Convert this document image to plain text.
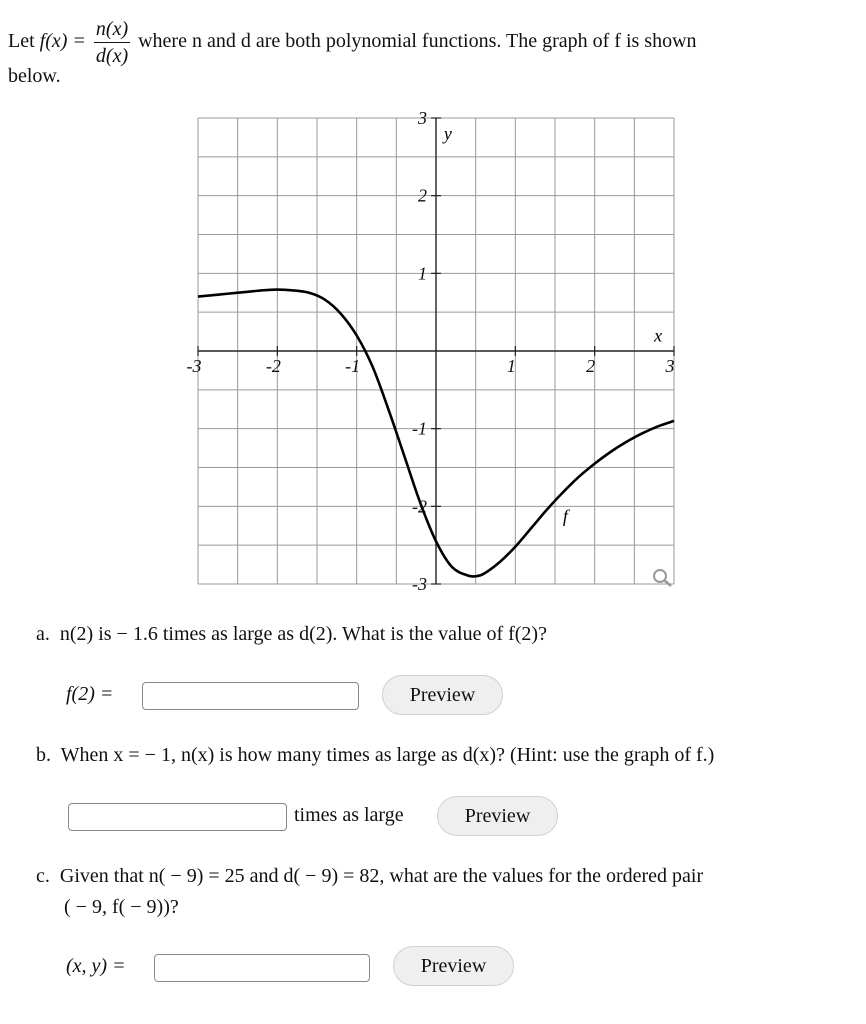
Let
$f(x) = \frac{n(x)}{d(x)}$ where n and d are both polynomial functions. The graph of f is shown
below.
-3	-2	-1	1	2	3
3
2
1
-1
-2
-3
x
y
f
a. n(2) is − 1.6 times as large as d(2). What is the value of f(2)?
f(2) =	Preview
b. When x = − 1, n(x) is how many times as large as d(x)? (Hint: use the graph of f.)
times as large	Preview
c. Given that n( − 9) = 25 and d( − 9) = 82, what are the values for the ordered pair
( − 9, f( − 9))?
(x, y) =	Preview
